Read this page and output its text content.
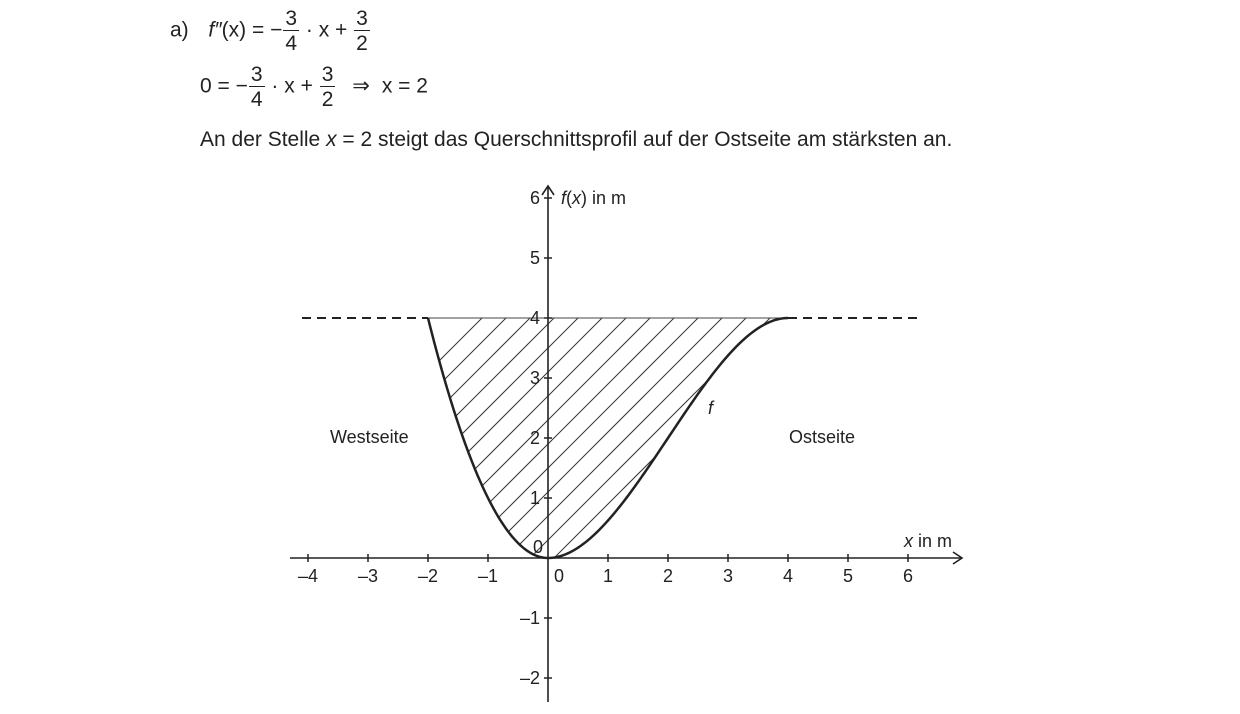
a) f″(x) = − $\frac{3}{4} \cdot x + \frac{3}{2}$
0 = − $\frac{3}{4} \cdot x + \frac{3}{2}$ ⇒ x = 2
An der Stelle x = 2 steigt das Querschnittsprofil auf der Ostseite am stärksten an.
–4 –3 –2 –1	0 1	2	3	4	5	6
–2
–1
0
1
2
3
4
5
6
x in m
f(x) in m
f
Westseite	Ostseite
